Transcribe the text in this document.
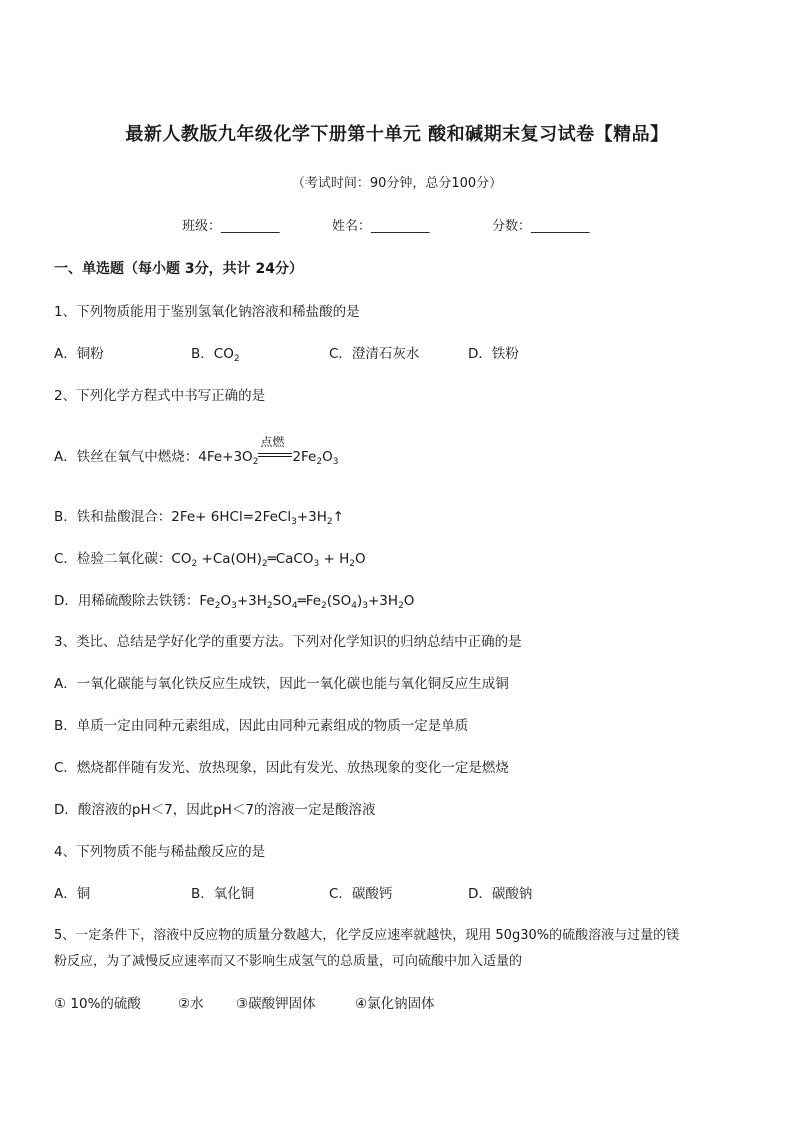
最新人教版九年级化学下册第十单元 酸和碱期末复习试卷【精品】
（考试时间：90分钟，总分100分）
班级：_________	姓名：_________	分数：_________
一、单选题（每小题 3分，共计 24分）
1、下列物质能用于鉴别氢氧化钠溶液和稀盐酸的是
A．铜粉	B．$CO_2$	C．澄清石灰水	D．铁粉
2、下列化学方程式中书写正确的是
A．铁丝在氧气中燃烧：$4Fe+3O_2$
点燃
$2Fe_2O_3$
B．铁和盐酸混合：$2Fe+ 6HCl=2FeCl_3+3H_2↑$
C．检验二氧化碳：$CO_2$ $+Ca(OH)_2═CaCO_3 + H_2O$
D．用稀硫酸除去铁锈：$Fe_2O_3+3H_2SO_4═Fe_2(SO_4)_3+3H_2O$
3、类比、总结是学好化学的重要方法。下列对化学知识的归纳总结中正确的是
A．一氧化碳能与氧化铁反应生成铁，因此一氧化碳也能与氧化铜反应生成铜
B．单质一定由同种元素组成，因此由同种元素组成的物质一定是单质
C．燃烧都伴随有发光、放热现象，因此有发光、放热现象的变化一定是燃烧
D．酸溶液的pH＜7，因此pH＜7的溶液一定是酸溶液
4、下列物质不能与稀盐酸反应的是
A．铜	B．氧化铜	C．碳酸钙	D．碳酸钠
5、一定条件下，溶液中反应物的质量分数越大，化学反应速率就越快，现用 50g30%的硫酸溶液与过量的镁
粉反应，为了减慢反应速率而又不影响生成氢气的总质量，可向硫酸中加入适量的
① 10%的硫酸	②水 ③碳酸钾固体	④氯化钠固体
